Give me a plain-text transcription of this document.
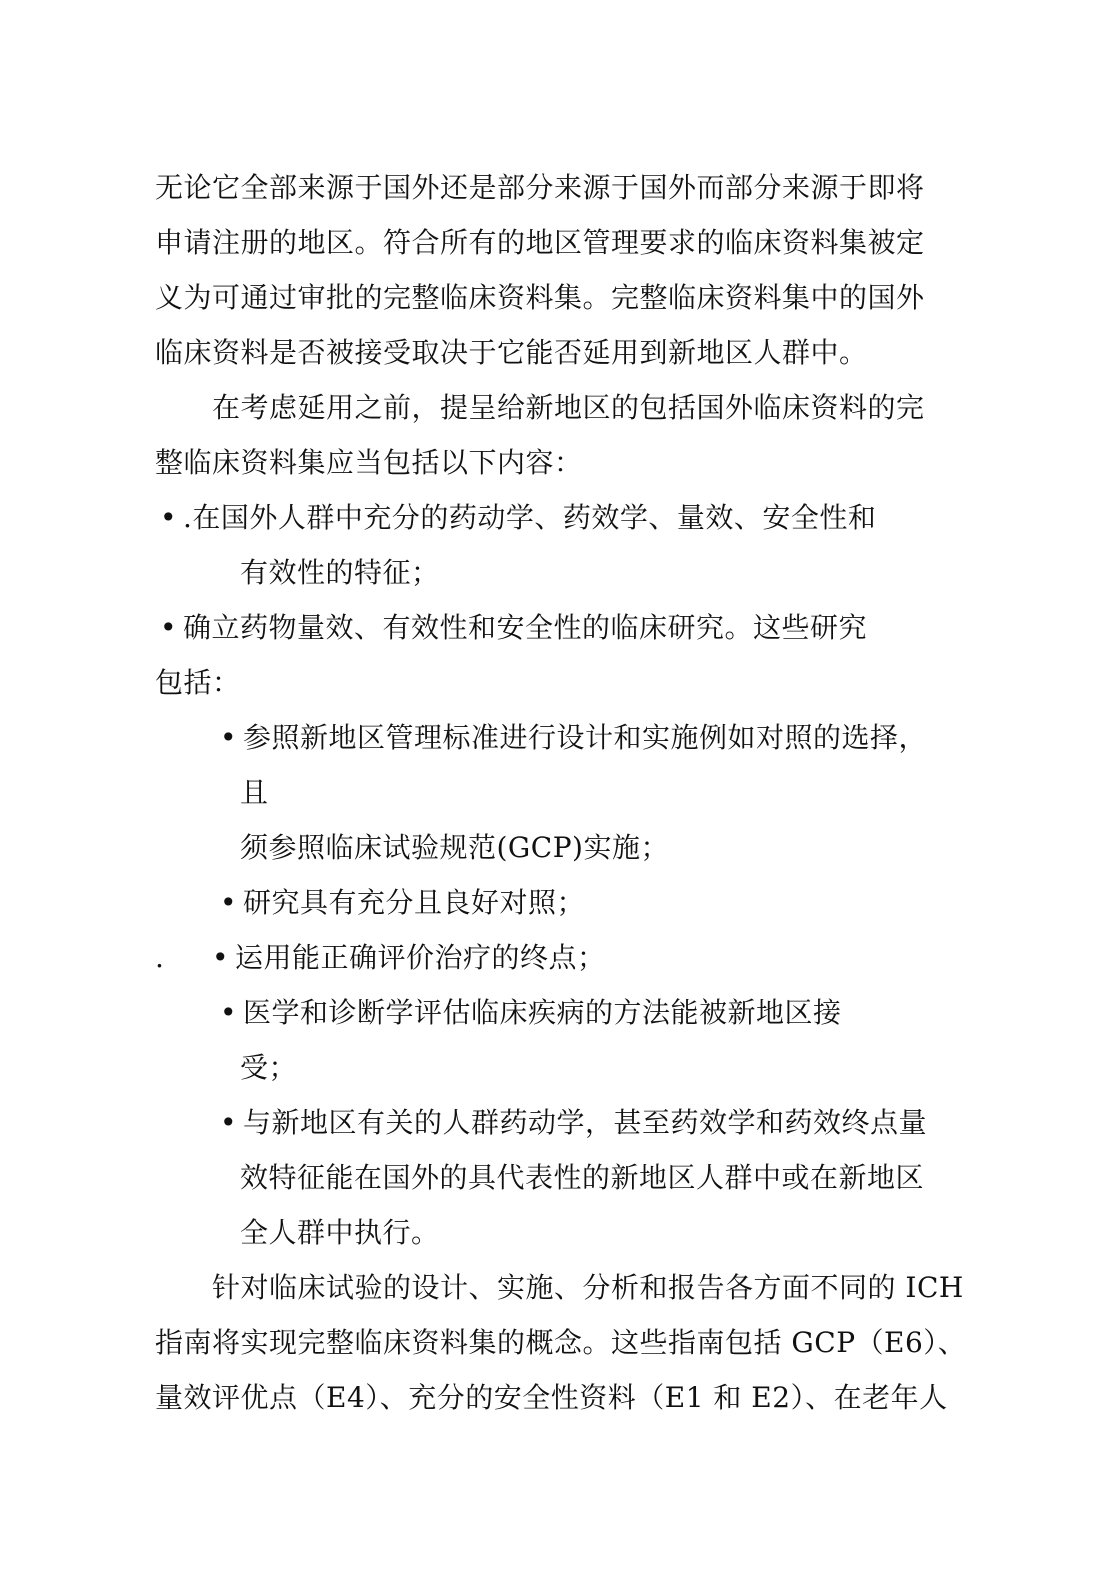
无论它全部来源于国外还是部分来源于国外而部分来源于即将
申请注册的地区。符合所有的地区管理要求的临床资料集被定
义为可通过审批的完整临床资料集。完整临床资料集中的国外
临床资料是否被接受取决于它能否延用到新地区人群中。
在考虑延用之前，提呈给新地区的包括国外临床资料的完
整临床资料集应当包括以下内容：
• .在国外人群中充分的药动学、药效学、量效、安全性和
有效性的特征；
• 确立药物量效、有效性和安全性的临床研究。这些研究
包括：
• 参照新地区管理标准进行设计和实施例如对照的选择，
且
须参照临床试验规范(GCP)实施；
• 研究具有充分且良好对照；
. • 运用能正确评价治疗的终点；
• 医学和诊断学评估临床疾病的方法能被新地区接
受；
• 与新地区有关的人群药动学，甚至药效学和药效终点量
效特征能在国外的具代表性的新地区人群中或在新地区
全人群中执行。
针对临床试验的设计、实施、分析和报告各方面不同的 ICH
指南将实现完整临床资料集的概念。这些指南包括 GCP（E6）、
量效评优点（E4）、充分的安全性资料（E1 和 E2）、在老年人
